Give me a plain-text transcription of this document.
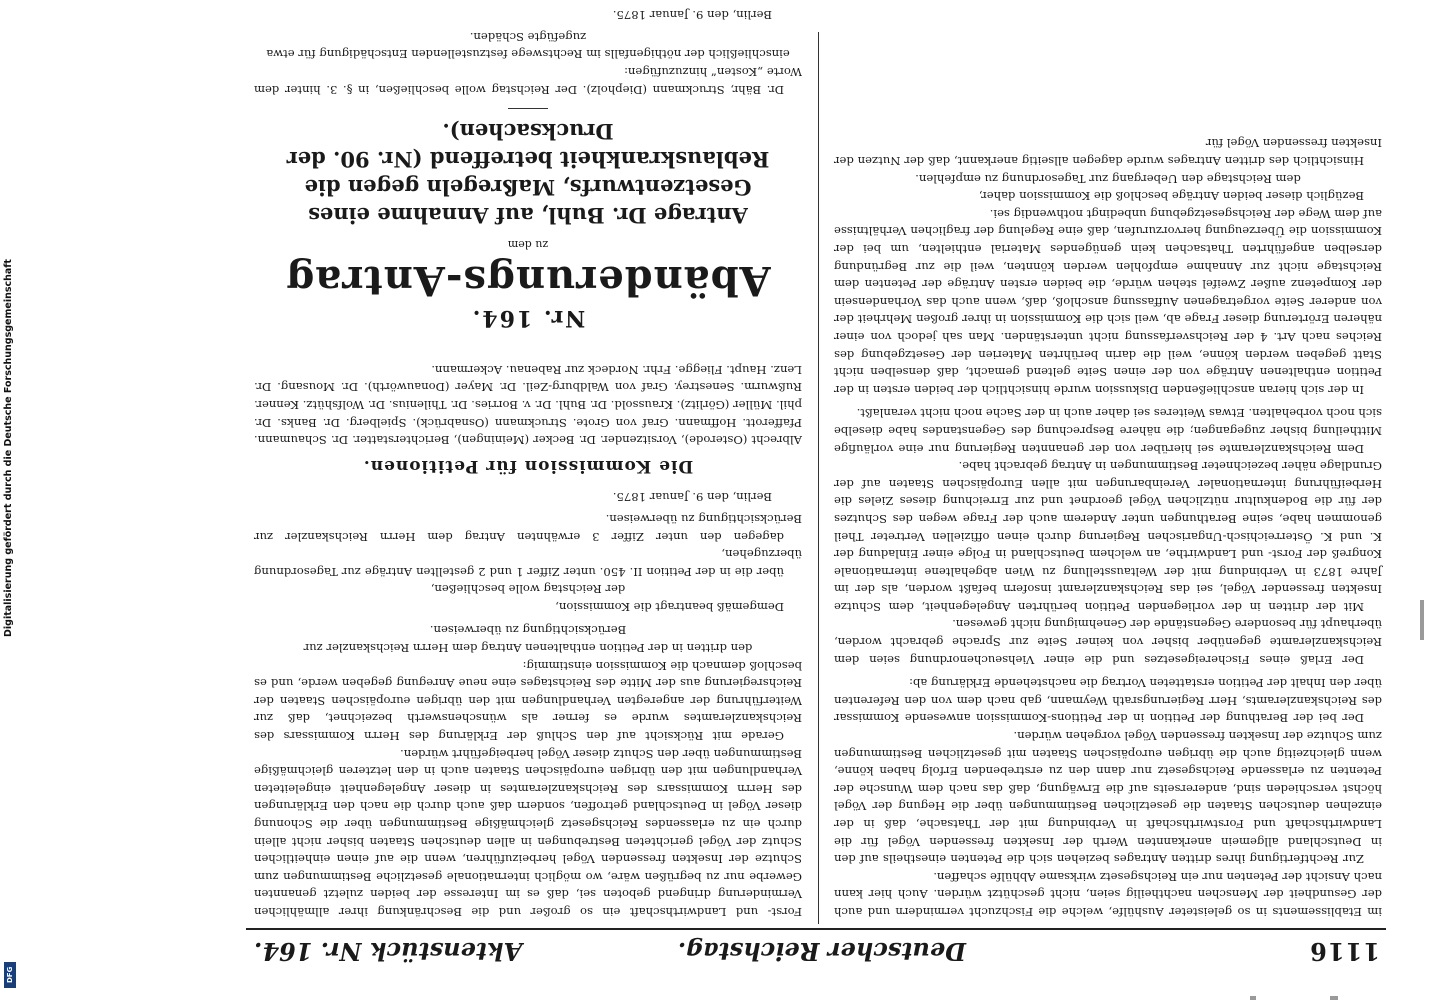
1116
Deutscher Reichstag.
Aktenstück Nr. 164.

im Etablissements in so geleisteter Aushülfe, welche die Fischzucht vermindern und auch der Gesundheit der Menschen nachtheilig seien, nicht geschützt würden. Auch hier kann nach Ansicht der Petenten nur ein Reichsgesetz wirksame Abhülfe schaffen.

Zur Rechtfertigung ihres dritten Antrages beziehen sich die Petenten einestheils auf den in Deutschland allgemein anerkannten Werth der Insekten fressenden Vögel für die Landwirthschaft und Forstwirthschaft in Verbindung mit der Thatsache, daß in der einzelnen deutschen Staaten die gesetzlichen Bestimmungen über die Hegung der Vögel höchst verschieden sind, andererseits auf die Erwägung, daß das nach dem Wunsche der Petenten zu erlassende Reichsgesetz nur dann den zu erstrebenden Erfolg haben könne, wenn gleichzeitig auch die übrigen europäischen Staaten mit gesetzlichen Bestimmungen zum Schutze der Insekten fressenden Vögel vorgehen würden.

Der bei der Berathung der Petition in der Petitions-Kommission anwesende Kommissar des Reichskanzleramts, Herr Regierungsrath Weymann, gab nach dem von den Referenten über den Inhalt der Petition erstatteten Vortrag die nachstehende Erklärung ab:

Der Erlaß eines Fischereigesetzes und die einer Viehseuchenordnung seien dem Reichskanzleramte gegenüber bisher von keiner Seite zur Sprache gebracht worden, überhaupt für besondere Gegenstände der Genehmigung nicht gewesen.

Mit der dritten in der vorliegenden Petition berührten Angelegenheit, dem Schutze Insekten fressender Vögel, sei das Reichskanzleramt insofern befaßt worden, als der im Jahre 1873 in Verbindung mit der Weltausstellung zu Wien abgehaltene internationale Kongreß der Forst- und Landwirthe, an welchem Deutschland in Folge einer Einladung der K. und K. Österreichisch-Ungarischen Regierung durch einen offiziellen Vertreter Theil genommen habe, seine Berathungen unter Anderem auch der Frage wegen des Schutzes der für die Bodenkultur nützlichen Vögel geordnet und zur Erreichung dieses Zieles die Herbeiführung internationaler Vereinbarungen mit allen Europäischen Staaten auf der Grundlage näher bezeichneter Bestimmungen in Antrag gebracht habe.

Dem Reichskanzleramte sei hierüber von der genannten Regierung nur eine vorläufige Mittheilung bisher zugegangen; die nähere Besprechung des Gegenstandes habe dieselbe sich noch vorbehalten. Etwas Weiteres sei daher auch in der Sache noch nicht veranlaßt.

In der sich hieran anschließenden Diskussion wurde hinsichtlich der beiden ersten in der Petition enthaltenen Anträge von der einen Seite geltend gemacht, daß denselben nicht Statt gegeben werden könne, weil die darin berührten Materien der Gesetzgebung des Reiches nach Art. 4 der Reichsverfassung nicht unterständen. Man sah jedoch von einer näheren Erörterung dieser Frage ab, weil sich die Kommission in ihrer großen Mehrheit der von anderer Seite vorgetragenen Auffassung anschloß, daß, wenn auch das Vorhandensein der Kompetenz außer Zweifel stehen würde, die beiden ersten Anträge der Petenten dem Reichstage nicht zur Annahme empfohlen werden könnten, weil die zur Begründung derselben angeführten Thatsachen kein genügendes Material enthielten, um bei der Kommission die Überzeugung hervorzurufen, daß eine Regelung der fraglichen Verhältnisse auf dem Wege der Reichsgesetzgebung unbedingt nothwendig sei.

Bezüglich dieser beiden Anträge beschloß die Kommission daher,

dem Reichstage den Uebergang zur Tagesordnung zu empfehlen.

Hinsichtlich des dritten Antrages wurde dagegen allseitig anerkannt, daß der Nutzen der Insekten fressenden Vögel für

Forst- und Landwirthschaft ein so großer und die Beschränkung ihrer allmählichen Verminderung dringend geboten sei, daß es im Interesse der beiden zuletzt genannten Gewerbe nur zu begrüßen wäre, wo möglich internationale gesetzliche Bestimmungen zum Schutze der Insekten fressenden Vögel herbeizuführen, wenn die auf einen einheitlichen Schutz der Vögel gerichteten Bestrebungen in allen deutschen Staaten bisher nicht allein durch ein zu erlassendes Reichsgesetz gleichmäßige Bestimmungen über die Schonung dieser Vögel in Deutschland getroffen, sondern daß auch durch die nach den Erklärungen des Herrn Kommissars des Reichskanzleramtes in dieser Angelegenheit eingeleiteten Verhandlungen mit den übrigen europäischen Staaten auch in den letzteren gleichmäßige Bestimmungen über den Schutz dieser Vögel herbeigeführt würden.

Gerade mit Rücksicht auf den Schluß der Erklärung des Herrn Kommissars des Reichskanzleramtes wurde es ferner als wünschenswerth bezeichnet, daß zur Weiterführung der angeregten Verhandlungen mit den übrigen europäischen Staaten der Reichsregierung aus der Mitte des Reichstages eine neue Anregung gegeben werde, und es beschloß demnach die Kommission einstimmig:

den dritten in der Petition enthaltenen Antrag dem Herrn Reichskanzler zur Berücksichtigung zu überweisen.

Demgemäß beantragt die Kommission,

der Reichstag wolle beschließen,

über die in der Petition II. 450. unter Ziffer 1 und 2 gestellten Anträge zur Tagesordnung überzugehen,

dagegen den unter Ziffer 3 erwähnten Antrag dem Herrn Reichskanzler zur Berücksichtigung zu überweisen.

Berlin, den 9. Januar 1875.

Die Kommission für Petitionen.

Albrecht (Osterode), Vorsitzender. Dr. Becker (Meiningen), Berichterstatter. Dr. Schaumann. Pfafferott. Hoffmann. Graf von Grote. Struckmann (Osnabrück). Spielberg. Dr. Banks. Dr. phil. Müller (Görlitz). Kraussold. Dr. Buhl. Dr. v. Borries. Dr. Thilenius. Dr. Wolfshütz. Kenner. Rußwurm. Senestrey. Graf von Waldburg-Zeil. Dr. Mayer (Donauwörth). Dr. Mousang. Dr. Lenz. Haupt. Fliegge. Frhr. Nordeck zur Rabenau. Ackermann.

Nr. 164.
Abänderungs-Antrag
zu dem
Antrage Dr. Buhl, auf Annahme eines Gesetzentwurfs, Maßregeln gegen die Reblauskrankheit betreffend (Nr. 90. der Drucksachen).

Dr. Bähr, Struckmann (Diepholz). Der Reichstag wolle beschließen, in §. 3. hinter dem Worte „Kosten“ hinzuzufügen:

einschließlich der nöthigenfalls im Rechtswege festzustellenden Entschädigung für etwa zugefügte Schäden.

Berlin, den 9. Januar 1875.

Digitalisierung gefördert durch die Deutsche Forschungsgemeinschaft
DFG
